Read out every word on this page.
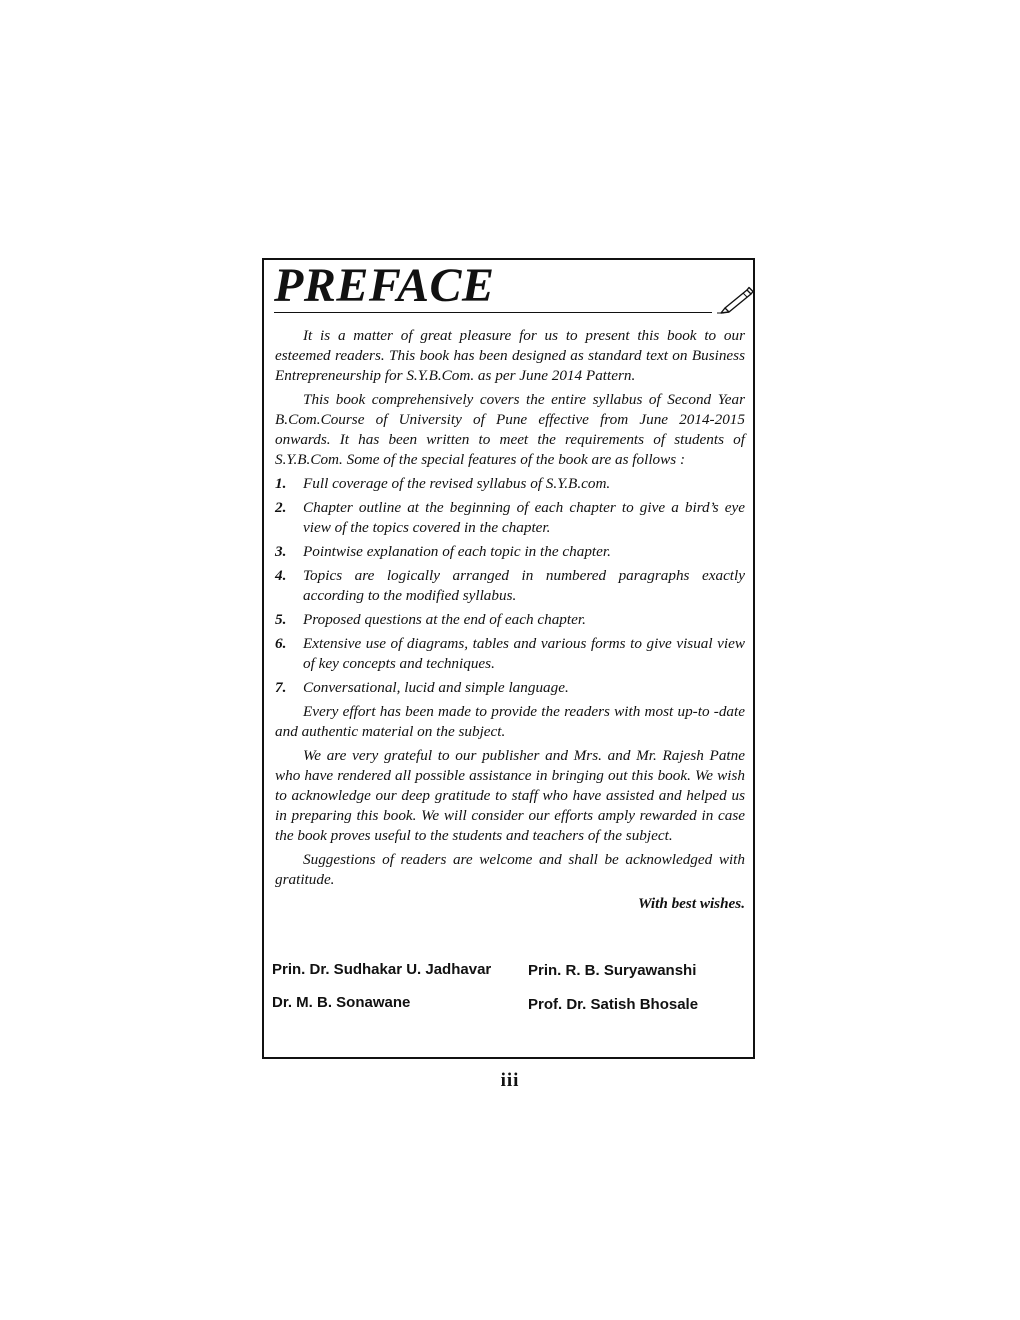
PREFACE

It is a matter of great pleasure for us to present this book to our esteemed readers. This book has been designed as standard text on Business Entrepreneurship for S.Y.B.Com. as per June 2014 Pattern.

This book comprehensively covers the entire syllabus of Second Year B.Com.Course of University of Pune effective from June 2014-2015 onwards. It has been written to meet the requirements of students of S.Y.B.Com. Some of the special features of the book are as follows :

1.	Full coverage of the revised syllabus of S.Y.B.com.
2.	Chapter outline at the beginning of each chapter to give a bird’s eye view of the topics covered in the chapter.
3.	Pointwise explanation of each topic in the chapter.
4.	Topics are logically arranged in numbered paragraphs exactly according to the modified syllabus.
5.	Proposed questions at the end of each chapter.
6.	Extensive use of diagrams, tables and various forms to give visual view of key concepts and techniques.
7.	Conversational, lucid and simple language.

Every effort has been made to provide the readers with most up-to -date and authentic material on the subject.

We are very grateful to our publisher and Mrs. and Mr. Rajesh Patne who have rendered all possible assistance in bringing out this book. We wish to acknowledge our deep gratitude to staff who have assisted and helped us in preparing this book. We will consider our efforts amply rewarded in case the book proves useful to the students and teachers of the subject.

Suggestions of readers are welcome and shall be acknowledged with gratitude.

With best wishes.
Prin. Dr. Sudhakar U. Jadhavar Prin. R. B. Suryawanshi
Dr. M. B. Sonawane	Prof. Dr. Satish Bhosale
iii
